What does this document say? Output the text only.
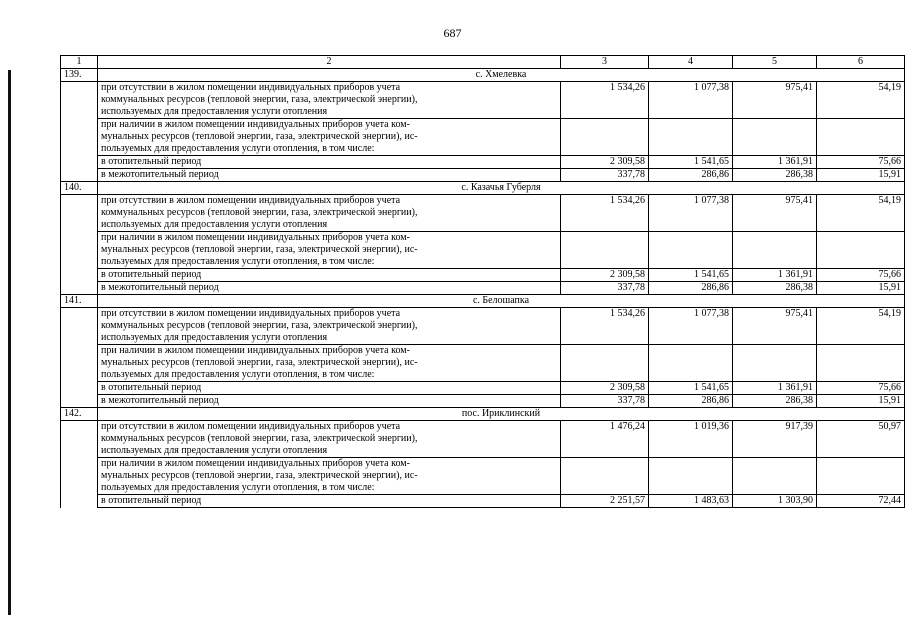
687
1	2	3	4	5	6
139.	с. Хмелевка				

	при отсутствии в жилом помещении индивидуальных приборов учета
коммунальных ресурсов (тепловой энергии, газа, электрической энергии),
используемых для предоставления услуги отопления	1 534,26	1 077,38	975,41	54,19

	при наличии в жилом помещении индивидуальных приборов учета ком-
мунальных ресурсов (тепловой энергии, газа, электрической энергии), ис-
пользуемых для предоставления услуги отопления, в том числе:				

	в отопительный период	2 309,58	1 541,65	1 361,91	75,66
	в межотопительный период	337,78	286,86	286,38	15,91
140.	с. Казачья Губерля				

	при отсутствии в жилом помещении индивидуальных приборов учета
коммунальных ресурсов (тепловой энергии, газа, электрической энергии),
используемых для предоставления услуги отопления	1 534,26	1 077,38	975,41	54,19

	при наличии в жилом помещении индивидуальных приборов учета ком-
мунальных ресурсов (тепловой энергии, газа, электрической энергии), ис-
пользуемых для предоставления услуги отопления, в том числе:				

	в отопительный период	2 309,58	1 541,65	1 361,91	75,66
	в межотопительный период	337,78	286,86	286,38	15,91
141.	с. Белошапка				

	при отсутствии в жилом помещении индивидуальных приборов учета
коммунальных ресурсов (тепловой энергии, газа, электрической энергии),
используемых для предоставления услуги отопления	1 534,26	1 077,38	975,41	54,19

	при наличии в жилом помещении индивидуальных приборов учета ком-
мунальных ресурсов (тепловой энергии, газа, электрической энергии), ис-
пользуемых для предоставления услуги отопления, в том числе:				

	в отопительный период	2 309,58	1 541,65	1 361,91	75,66
	в межотопительный период	337,78	286,86	286,38	15,91
142.	пос. Ириклинский				

	при отсутствии в жилом помещении индивидуальных приборов учета
коммунальных ресурсов (тепловой энергии, газа, электрической энергии),
используемых для предоставления услуги отопления	1 476,24	1 019,36	917,39	50,97

	при наличии в жилом помещении индивидуальных приборов учета ком-
мунальных ресурсов (тепловой энергии, газа, электрической энергии), ис-
пользуемых для предоставления услуги отопления, в том числе:				

	в отопительный период	2 251,57	1 483,63	1 303,90	72,44
